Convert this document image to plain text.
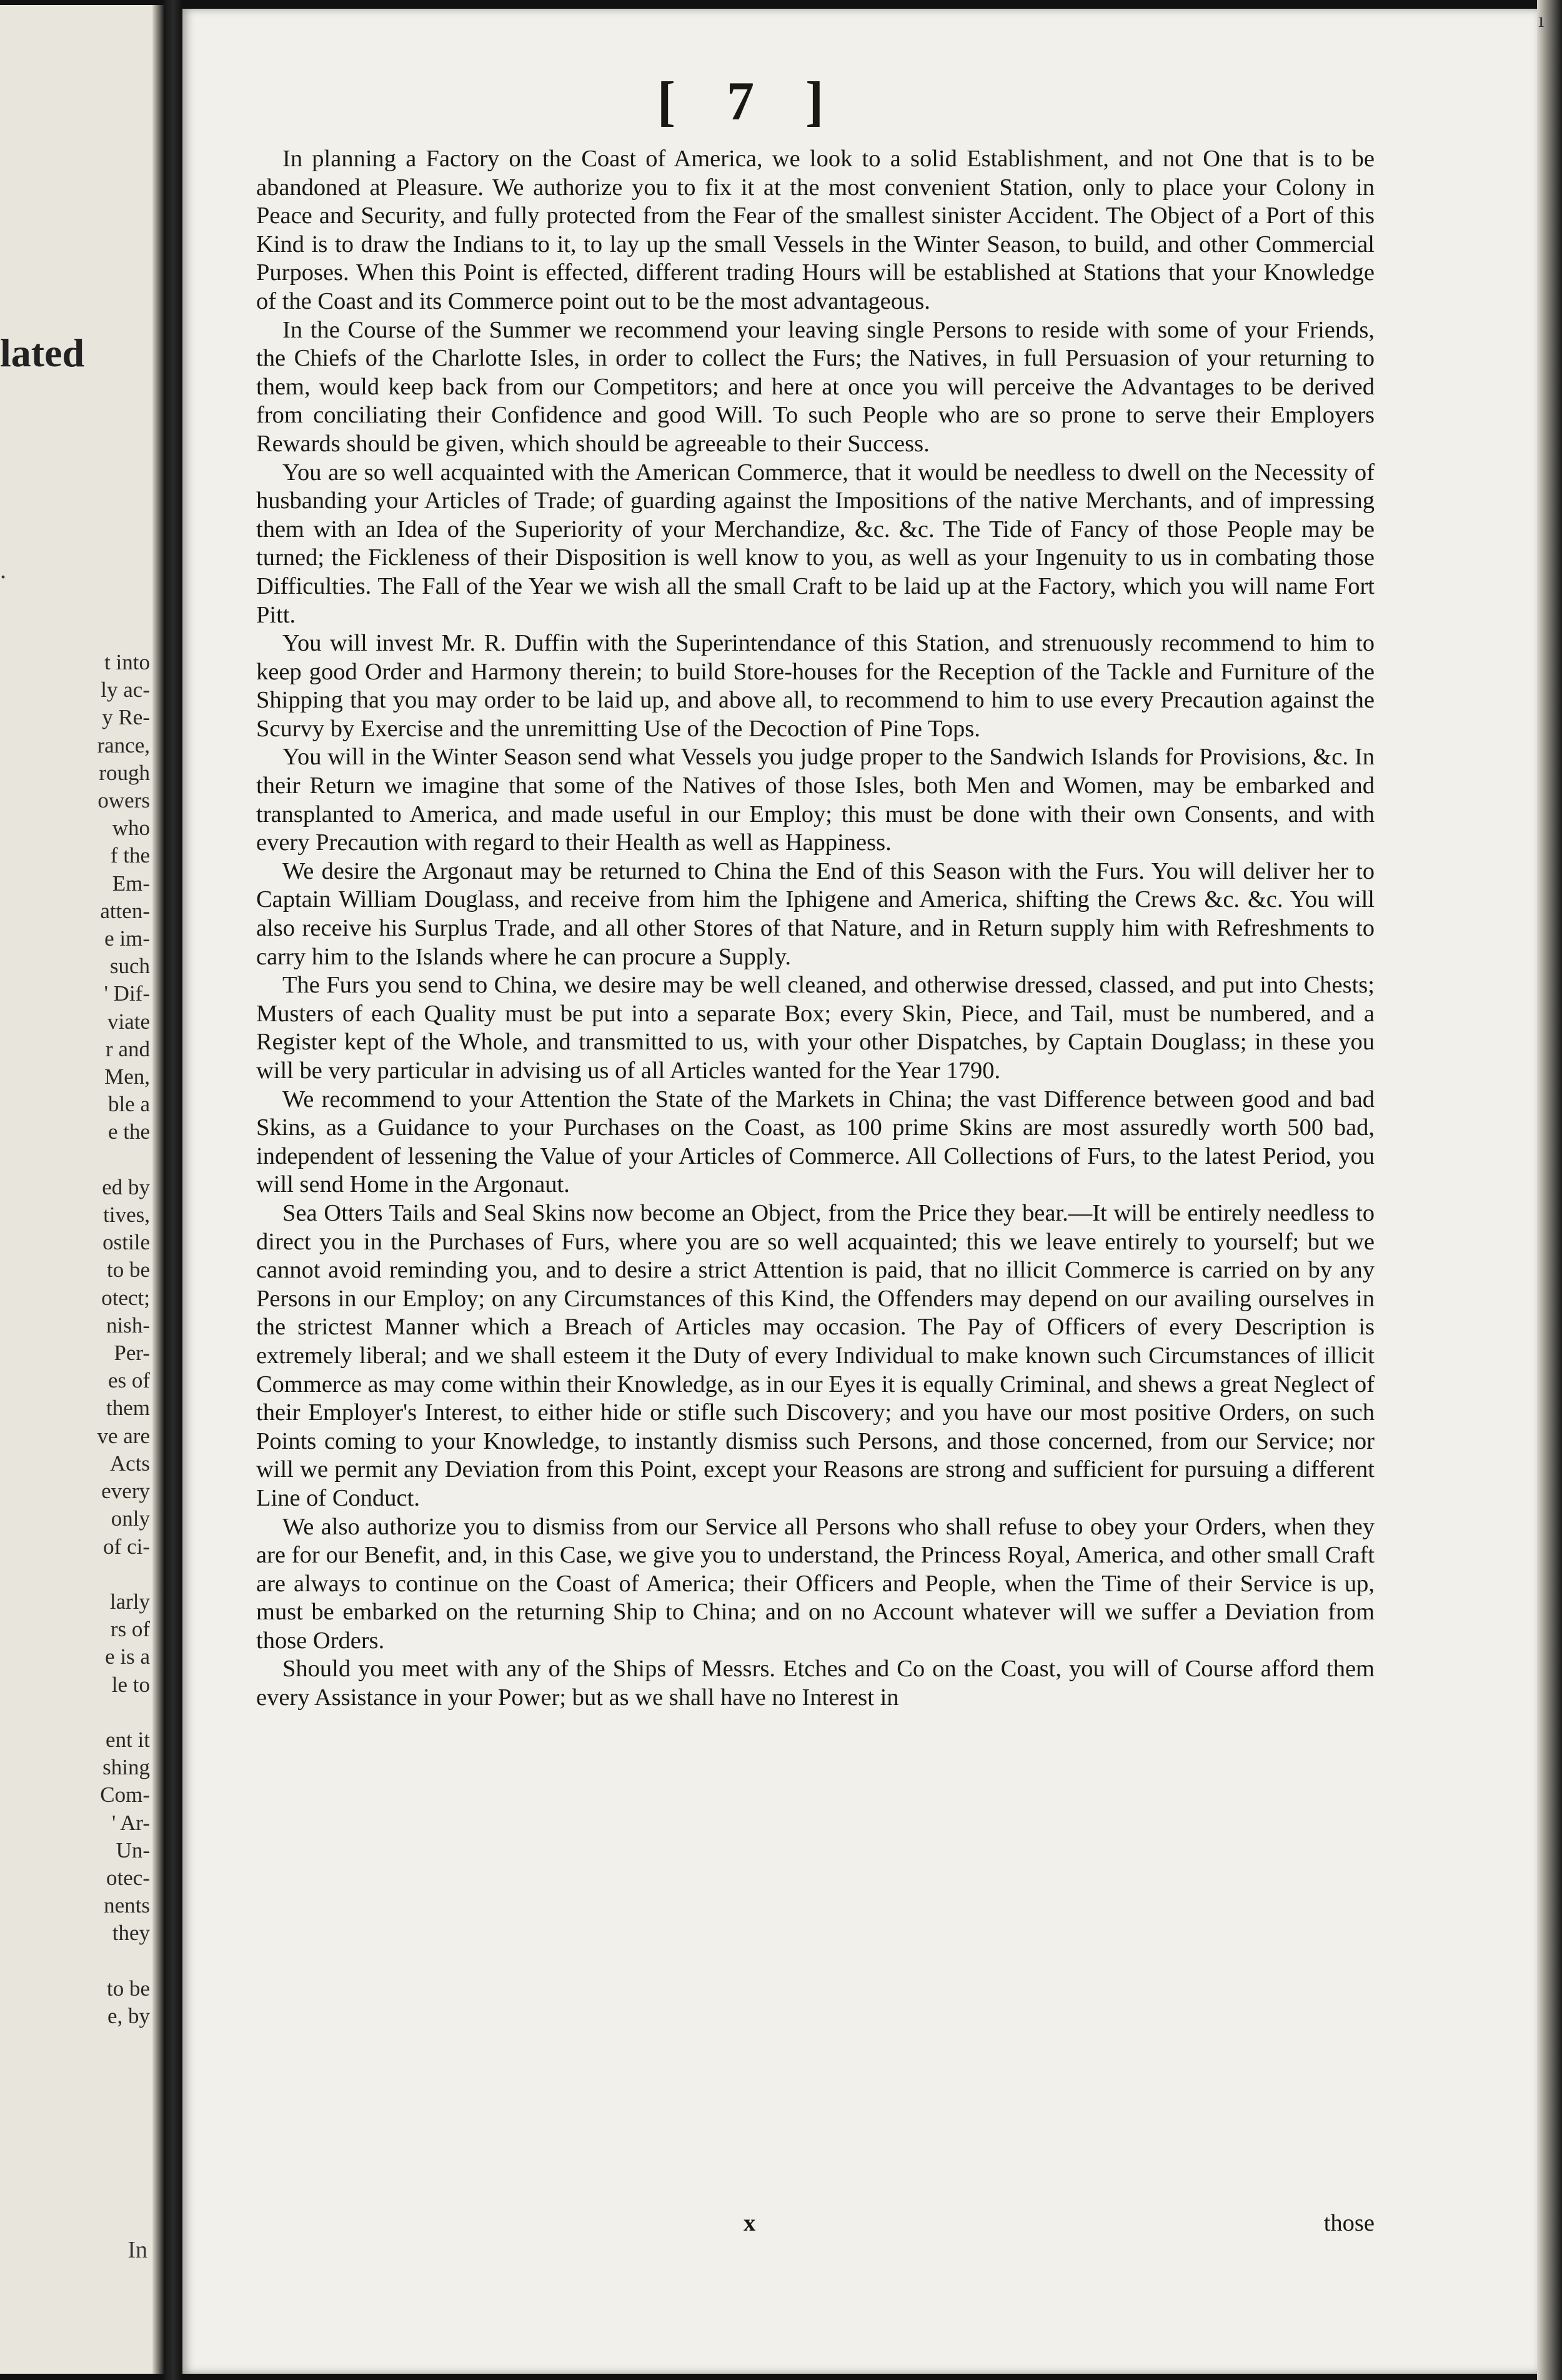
lated
.
t into
ly ac-
y Re-
rance,
rough
owers
who
f the
Em-
atten-
e im-
such
' Dif-
viate
r and
Men,
ble a
e the

ed by
tives,
ostile
to be
otect;
nish-
Per-
es of
them
ve are
Acts
every
only
of ci-

larly
rs of
e is a
le to

ent it
shing
Com-
' Ar-
Un-
otec-
nents
they

to be
e, by
In
ı
[ 7 ]

In planning a Factory on the Coast of America, we look to a solid Establishment, and not One that is to be abandoned at Pleasure. We authorize you to fix it at the most convenient Station, only to place your Colony in Peace and Security, and fully protected from the Fear of the smallest sinister Accident. The Object of a Port of this Kind is to draw the Indians to it, to lay up the small Vessels in the Winter Season, to build, and other Commercial Purposes. When this Point is effected, different trading Hours will be established at Stations that your Knowledge of the Coast and its Commerce point out to be the most advantageous.

In the Course of the Summer we recommend your leaving single Persons to reside with some of your Friends, the Chiefs of the Charlotte Isles, in order to collect the Furs; the Natives, in full Persuasion of your returning to them, would keep back from our Competitors; and here at once you will perceive the Advantages to be derived from conciliating their Confidence and good Will. To such People who are so prone to serve their Employers Rewards should be given, which should be agreeable to their Success.

You are so well acquainted with the American Commerce, that it would be needless to dwell on the Necessity of husbanding your Articles of Trade; of guarding against the Impositions of the native Merchants, and of impressing them with an Idea of the Superiority of your Merchandize, &c. &c. The Tide of Fancy of those People may be turned; the Fickleness of their Disposition is well know to you, as well as your Ingenuity to us in combating those Difficulties. The Fall of the Year we wish all the small Craft to be laid up at the Factory, which you will name Fort Pitt.

You will invest Mr. R. Duffin with the Superintendance of this Station, and strenuously recommend to him to keep good Order and Harmony therein; to build Store-houses for the Reception of the Tackle and Furniture of the Shipping that you may order to be laid up, and above all, to recommend to him to use every Precaution against the Scurvy by Exercise and the unremitting Use of the Decoction of Pine Tops.

You will in the Winter Season send what Vessels you judge proper to the Sandwich Islands for Provisions, &c. In their Return we imagine that some of the Natives of those Isles, both Men and Women, may be embarked and transplanted to America, and made useful in our Employ; this must be done with their own Consents, and with every Precaution with regard to their Health as well as Happiness.

We desire the Argonaut may be returned to China the End of this Season with the Furs. You will deliver her to Captain William Douglass, and receive from him the Iphigene and America, shifting the Crews &c. &c. You will also receive his Surplus Trade, and all other Stores of that Nature, and in Return supply him with Refreshments to carry him to the Islands where he can procure a Supply.

The Furs you send to China, we desire may be well cleaned, and otherwise dressed, classed, and put into Chests; Musters of each Quality must be put into a separate Box; every Skin, Piece, and Tail, must be numbered, and a Register kept of the Whole, and transmitted to us, with your other Dispatches, by Captain Douglass; in these you will be very particular in advising us of all Articles wanted for the Year 1790.

We recommend to your Attention the State of the Markets in China; the vast Difference between good and bad Skins, as a Guidance to your Purchases on the Coast, as 100 prime Skins are most assuredly worth 500 bad, independent of lessening the Value of your Articles of Commerce. All Collections of Furs, to the latest Period, you will send Home in the Argonaut.

Sea Otters Tails and Seal Skins now become an Object, from the Price they bear.—It will be entirely needless to direct you in the Purchases of Furs, where you are so well acquainted; this we leave entirely to yourself; but we cannot avoid reminding you, and to desire a strict Attention is paid, that no illicit Commerce is carried on by any Persons in our Employ; on any Circumstances of this Kind, the Offenders may depend on our availing ourselves in the strictest Manner which a Breach of Articles may occasion. The Pay of Officers of every Description is extremely liberal; and we shall esteem it the Duty of every Individual to make known such Circumstances of illicit Commerce as may come within their Knowledge, as in our Eyes it is equally Criminal, and shews a great Neglect of their Employer's Interest, to either hide or stifle such Discovery; and you have our most positive Orders, on such Points coming to your Knowledge, to instantly dismiss such Persons, and those concerned, from our Service; nor will we permit any Deviation from this Point, except your Reasons are strong and sufficient for pursuing a different Line of Conduct.

We also authorize you to dismiss from our Service all Persons who shall refuse to obey your Orders, when they are for our Benefit, and, in this Case, we give you to understand, the Princess Royal, America, and other small Craft are always to continue on the Coast of America; their Officers and People, when the Time of their Service is up, must be embarked on the returning Ship to China; and on no Account whatever will we suffer a Deviation from those Orders.

Should you meet with any of the Ships of Messrs. Etches and Co on the Coast, you will of Course afford them every Assistance in your Power; but as we shall have no Interest in

x	those
